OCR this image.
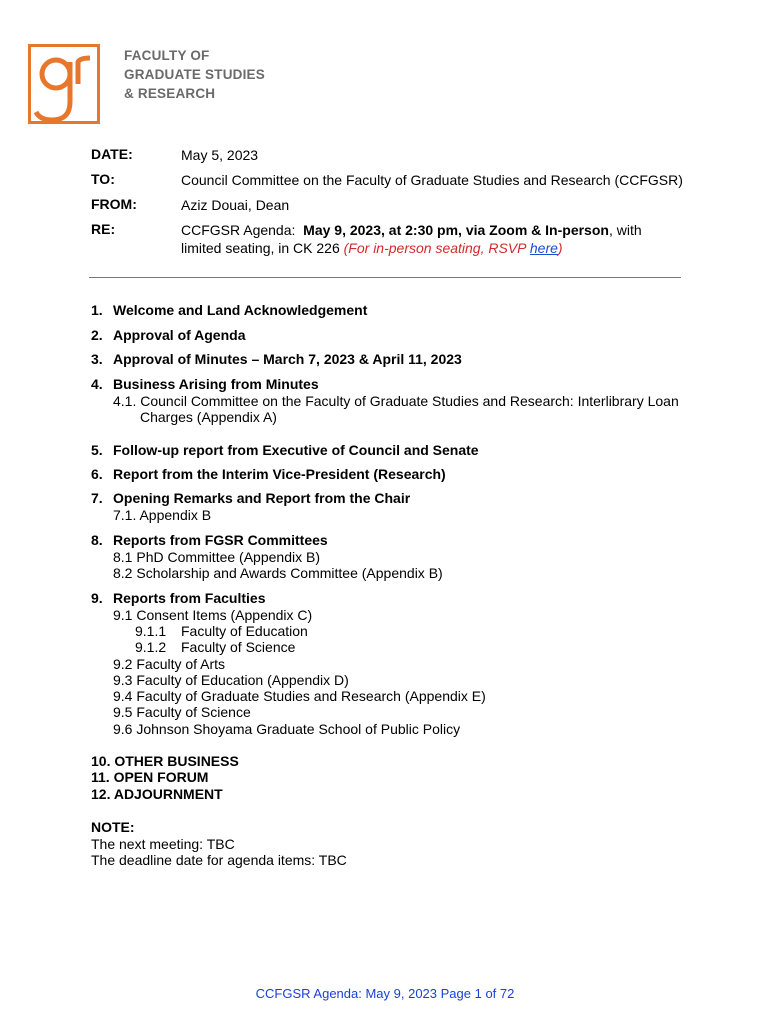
FACULTY OF
GRADUATE STUDIES
& RESEARCH
DATE:	May 5, 2023
TO:	Council Committee on the Faculty of Graduate Studies and Research (CCFGSR)
FROM:	Aziz Douai, Dean
RE:	CCFGSR Agenda:  May 9, 2023, at 2:30 pm, via Zoom & In-person, with
limited seating, in CK 226 (For in-person seating, RSVP here)
1. Welcome and Land Acknowledgement
2. Approval of Agenda
3. Approval of Minutes – March 7, 2023 & April 11, 2023
4. Business Arising from Minutes
4.1. Council Committee on the Faculty of Graduate Studies and Research: Interlibrary Loan
Charges (Appendix A)
5. Follow-up report from Executive of Council and Senate
6. Report from the Interim Vice-President (Research)
7. Opening Remarks and Report from the Chair
7.1. Appendix B
8. Reports from FGSR Committees
8.1 PhD Committee (Appendix B)
8.2 Scholarship and Awards Committee (Appendix B)
9. Reports from Faculties
9.1 Consent Items (Appendix C)
9.1.1 Faculty of Education
9.1.2 Faculty of Science
9.2 Faculty of Arts
9.3 Faculty of Education (Appendix D)
9.4 Faculty of Graduate Studies and Research (Appendix E)
9.5 Faculty of Science
9.6 Johnson Shoyama Graduate School of Public Policy
10. OTHER BUSINESS
11. OPEN FORUM
12. ADJOURNMENT
NOTE:
The next meeting: TBC
The deadline date for agenda items: TBC
CCFGSR Agenda: May 9, 2023 Page 1 of 72
